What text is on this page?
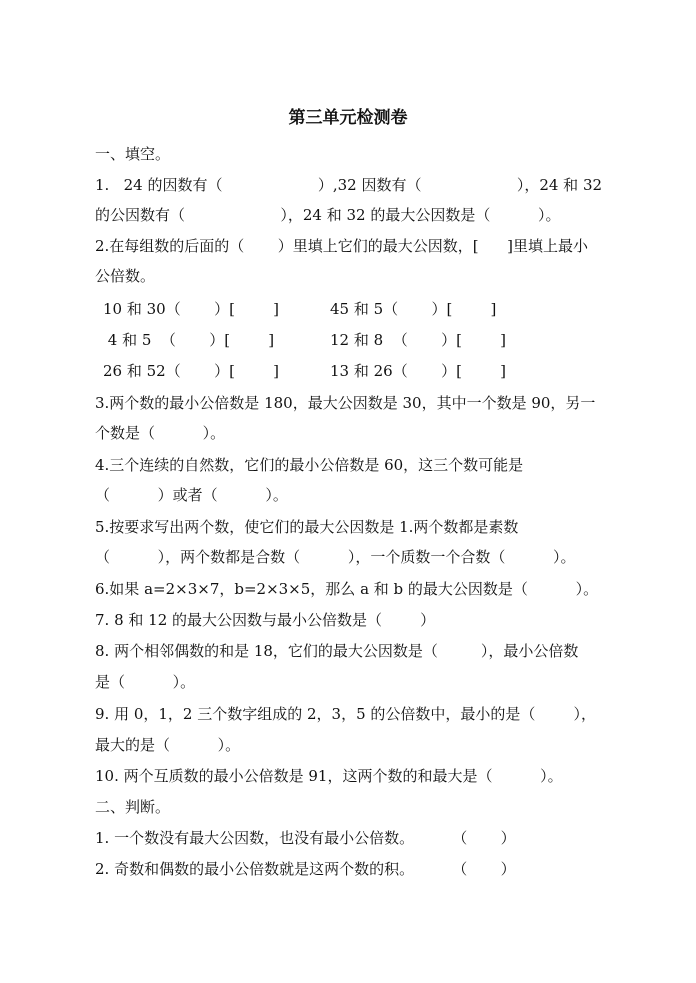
第三单元检测卷
一、填空。
1.   24 的因数有（                    ）,32 因数有（                    ），24 和 32
的公因数有（                    ），24 和 32 的最大公因数是（          ）。
2.在每组数的后面的（       ）里填上它们的最大公因数，[      ]里填上最小
公倍数。
10 和 30（       ）[        ]	45 和 5（       ）[        ]
4 和 5  （       ）[        ]	12 和 8  （       ）[        ]
26 和 52（       ）[        ]	13 和 26（       ）[        ]
3.两个数的最小公倍数是 180，最大公因数是 30，其中一个数是 90，另一
个数是（          ）。
4.三个连续的自然数，它们的最小公倍数是 60，这三个数可能是
（          ）或者（          ）。
5.按要求写出两个数，使它们的最大公因数是 1.两个数都是素数
（          ），两个数都是合数（          ），一个质数一个合数（          ）。
6.如果 a=2×3×7，b=2×3×5，那么 a 和 b 的最大公因数是（          ）。
7. 8 和 12 的最大公因数与最小公倍数是（        ）
8. 两个相邻偶数的和是 18，它们的最大公因数是（         ），最小公倍数
是（          ）。
9. 用 0，1，2 三个数字组成的 2，3，5 的公倍数中，最小的是（        ），
最大的是（          ）。
10. 两个互质数的最小公倍数是 91，这两个数的和最大是（          ）。
二、判断。
1. 一个数没有最大公因数，也没有最小公倍数。        （       ）
2. 奇数和偶数的最小公倍数就是这两个数的积。        （       ）
